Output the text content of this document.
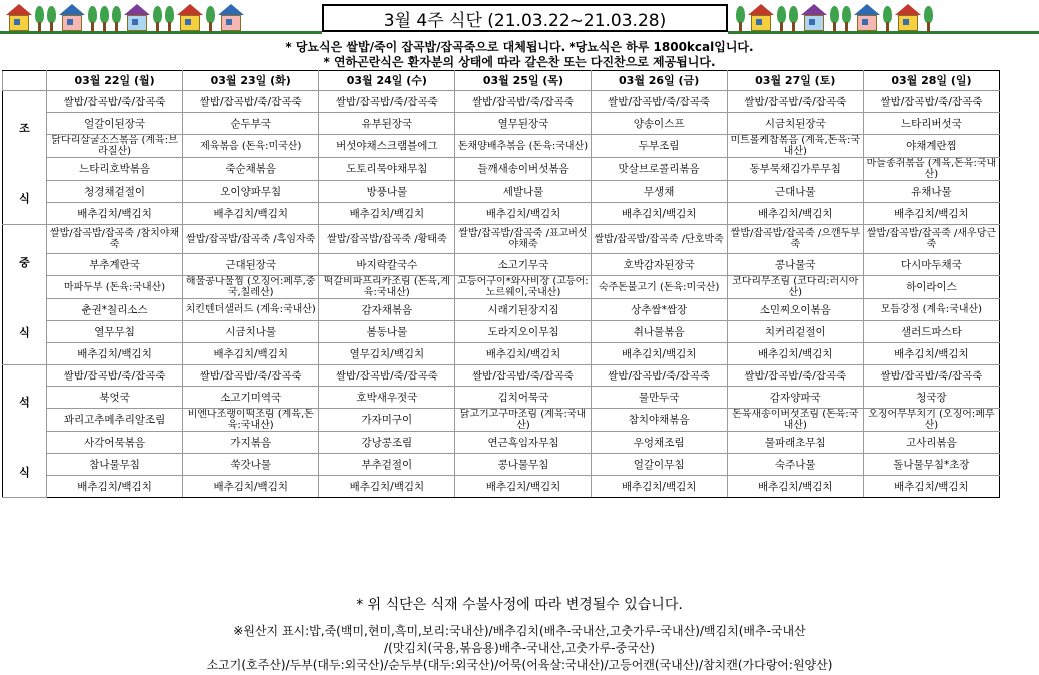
3월 4주 식단 (21.03.22~21.03.28)
* 당뇨식은 쌀밥/죽이 잡곡밥/잡곡죽으로 대체됩니다. *당뇨식은 하루 1800kcal입니다.
* 연하곤란식은 환자분의 상태에 따라 갈은찬 또는 다진찬으로 제공됩니다.
	03월 22일 (월)	03월 23일 (화)	03월 24일 (수)	03월 25일 (목)	03월 26일 (금)	03월 27일 (토)	03월 28일 (일)

조
식	쌀밥/잡곡밥/죽/잡곡죽	쌀밥/잡곡밥/죽/잡곡죽	쌀밥/잡곡밥/죽/잡곡죽	쌀밥/잡곡밥/죽/잡곡죽	쌀밥/잡곡밥/죽/잡곡죽	쌀밥/잡곡밥/죽/잡곡죽	쌀밥/잡곡밥/죽/잡곡죽

	얼갈이된장국	순두부국	유부된장국	열무된장국	양송이스프	시금치된장국	느타리버섯국

	닭다리살굴소스볶음 (계육:브라질산)	제육볶음 (돈육:미국산)	버섯야채스크램블에그	돈채양배추볶음 (돈육:국내산)	두부조림	미트볼케찹볶음 (계육,돈육:국내산)	야채계란찜

	느타리호박볶음	죽순채볶음	도토리묵야채무침	들깨새송이버섯볶음	맛살브로콜리볶음	동부묵채김가루무침	마늘종쥐볶음 (계육,돈육:국내산)

	청경채겉절이	오이양파무침	방풍나물	세발나물	무생채	근대나물	유채나물

	배추김치/백김치	배추김치/백김치	배추김치/백김치	배추김치/백김치	배추김치/백김치	배추김치/백김치	배추김치/백김치

중
식	쌀밥/잡곡밥/잡곡죽 /참치야채죽	쌀밥/잡곡밥/잡곡죽 /흑임자죽	쌀밥/잡곡밥/잡곡죽 /황태죽	쌀밥/잡곡밥/잡곡죽 /표고버섯야채죽	쌀밥/잡곡밥/잡곡죽 /단호박죽	쌀밥/잡곡밥/잡곡죽 /으깬두부죽	쌀밥/잡곡밥/잡곡죽 /새우당근죽

	부추계란국	근대된장국	바지락칼국수	소고기무국	호박감자된장국	콩나물국	다시마두채국

	마파두부 (돈육:국내산)	해물콩나물찜 (오징어:페루,중국,칠레산)	떡갈비파프리카조림 (돈육,계육:국내산)	고등어구이*와사비장 (고등어:노르웨이,국내산)	숙주돈불고기 (돈육:미국산)	코다리무조림 (코다리:러시아산)	하이라이스

	춘권*칠리소스	치킨텐더샐러드 (계육:국내산)	감자채볶음	시래기된장지짐	상추쌈*쌈장	소민찌오이볶음	모듬강정 (계육:국내산)

	열무무침	시금치나물	봄동나물	도라지오이무침	취나물볶음	치커리겉절이	샐러드파스타

	배추김치/백김치	배추김치/백김치	열무김치/백김치	배추김치/백김치	배추김치/백김치	배추김치/백김치	배추김치/백김치

석
식	쌀밥/잡곡밥/죽/잡곡죽	쌀밥/잡곡밥/죽/잡곡죽	쌀밥/잡곡밥/죽/잡곡죽	쌀밥/잡곡밥/죽/잡곡죽	쌀밥/잡곡밥/죽/잡곡죽	쌀밥/잡곡밥/죽/잡곡죽	쌀밥/잡곡밥/죽/잡곡죽

	북엇국	소고기미역국	호박새우젓국	김치어묵국	물만두국	감자양파국	청국장

	꽈리고추메추리알조림	비엔나조랭이떡조림 (계육,돈육:국내산)	가자미구이	닭고기고구마조림 (계육:국내산)	참치야채볶음	돈육새송이버섯조림 (돈육:국내산)	오징어무부치기 (오징어:페루산)

	사각어묵볶음	가지볶음	강낭콩조림	연근흑임자무침	우엉채조림	물파래초무침	고사리볶음

	참나물무침	쑥갓나물	부추겉절이	콩나물무침	얼갈이무침	숙주나물	돌나물무침*초장

	배추김치/백김치	배추김치/백김치	배추김치/백김치	배추김치/백김치	배추김치/백김치	배추김치/백김치	배추김치/백김치
* 위 식단은 식재 수불사정에 따라 변경될수 있습니다.
※원산지 표시:밥,죽(백미,현미,흑미,보리:국내산)/배추김치(배추-국내산,고춧가루-국내산)/백김치(배추-국내산
/(맛김치(국용,볶음용)배추-국내산,고춧가루-중국산)
소고기(호주산)/두부(대두:외국산)/순두부(대두:외국산)/어묵(어육살:국내산)/고등어캔(국내산)/참치캔(가다랑어:원양산)
